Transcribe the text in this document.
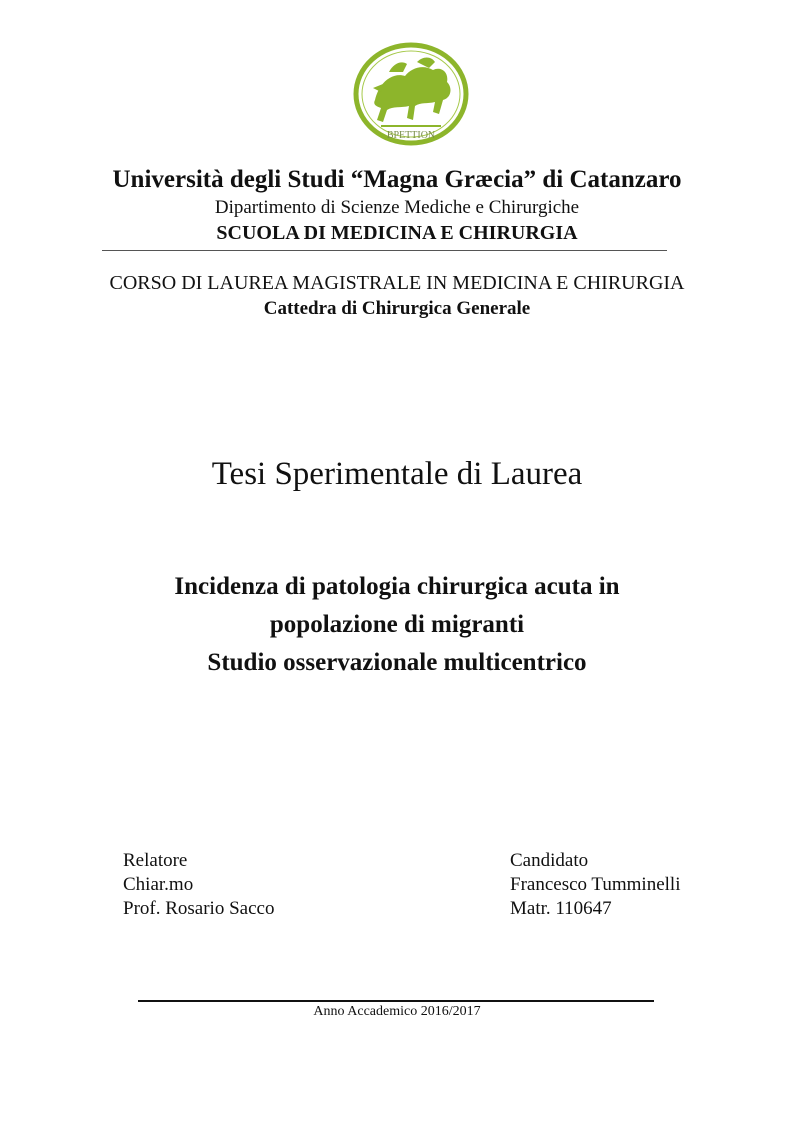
ΒΡΕΤΤΙΟΝ
Università degli Studi “Magna Græcia” di Catanzaro
Dipartimento di Scienze Mediche e Chirurgiche
SCUOLA DI MEDICINA E CHIRURGIA
CORSO DI LAUREA MAGISTRALE IN MEDICINA E CHIRURGIA
Cattedra di Chirurgica Generale
Tesi Sperimentale di Laurea
Incidenza di patologia chirurgica acuta in
popolazione di migranti
Studio osservazionale multicentrico
Relatore
Chiar.mo
Prof. Rosario Sacco
Candidato
Francesco Tumminelli
Matr. 110647
Anno Accademico 2016/2017
